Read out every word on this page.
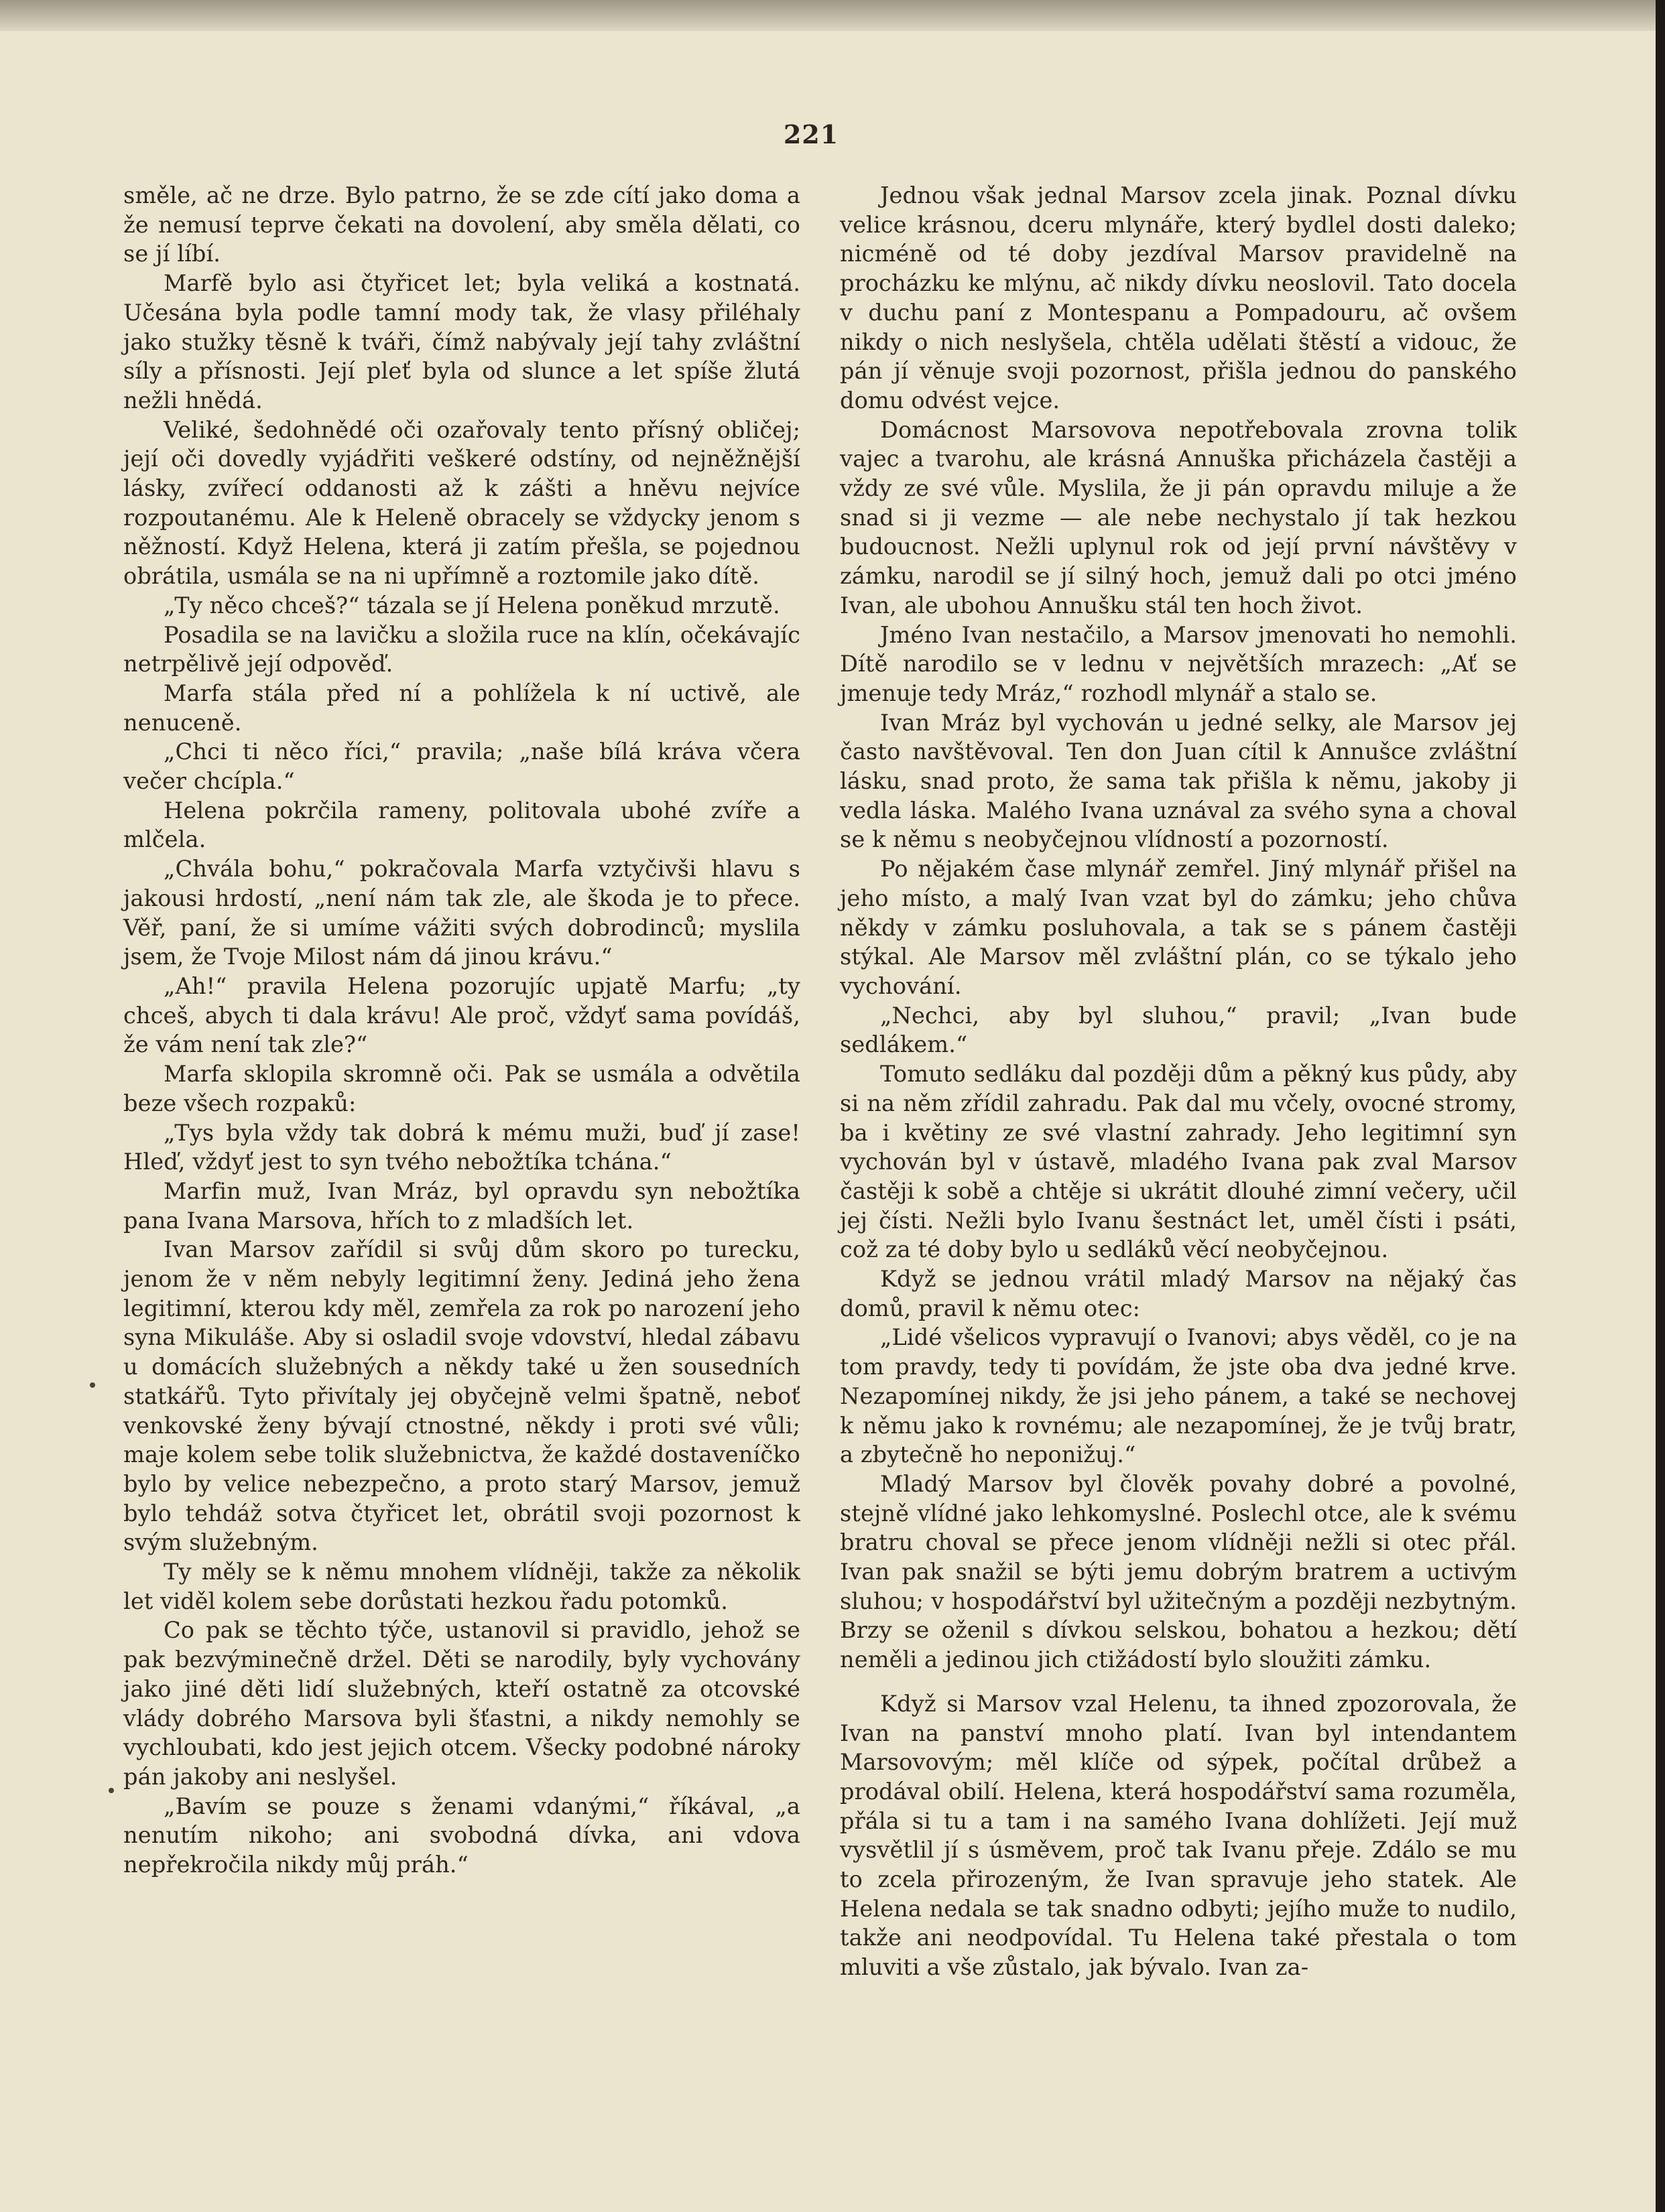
221

směle, ač ne drze. Bylo patrno, že se zde cítí jako doma a že nemusí teprve čekati na dovolení, aby směla dělati, co se jí líbí.

Marfě bylo asi čtyřicet let; byla veliká a kostnatá. Učesána byla podle tamní mody tak, že vlasy přiléhaly jako stužky těsně k tváři, čímž nabývaly její tahy zvláštní síly a přísnosti. Její pleť byla od slunce a let spíše žlutá nežli hnědá.

Veliké, šedohnědé oči ozařovaly tento přísný obličej; její oči dovedly vyjádřiti veškeré odstíny, od nejněžnější lásky, zvířecí oddanosti až k zášti a hněvu nejvíce rozpoutanému. Ale k Heleně obracely se vždycky jenom s něžností. Když Helena, která ji zatím přešla, se pojednou obrátila, usmála se na ni upřímně a roztomile jako dítě.

„Ty něco chceš?“ tázala se jí Helena poněkud mrzutě.

Posadila se na lavičku a složila ruce na klín, očekávajíc netrpělivě její odpověď.

Marfa stála před ní a pohlížela k ní uctivě, ale nenuceně.

„Chci ti něco říci,“ pravila; „naše bílá kráva včera večer chcípla.“

Helena pokrčila rameny, politovala ubohé zvíře a mlčela.

„Chvála bohu,“ pokračovala Marfa vztyčivši hlavu s jakousi hrdostí, „není nám tak zle, ale škoda je to přece. Věř, paní, že si umíme vážiti svých dobrodinců; myslila jsem, že Tvoje Milost nám dá jinou krávu.“

„Ah!“ pravila Helena pozorujíc upjatě Marfu; „ty chceš, abych ti dala krávu! Ale proč, vždyť sama povídáš, že vám není tak zle?“

Marfa sklopila skromně oči. Pak se usmála a odvětila beze všech rozpaků:

„Tys byla vždy tak dobrá k mému muži, buď jí zase! Hleď, vždyť jest to syn tvého nebožtíka tchána.“

Marfin muž, Ivan Mráz, byl opravdu syn nebožtíka pana Ivana Marsova, hřích to z mladších let.

Ivan Marsov zařídil si svůj dům skoro po turecku, jenom že v něm nebyly legitimní ženy. Jediná jeho žena legitimní, kterou kdy měl, zemřela za rok po narození jeho syna Mikuláše. Aby si osladil svoje vdovství, hledal zábavu u domácích služebných a někdy také u žen sousedních statkářů. Tyto přivítaly jej obyčejně velmi špatně, neboť venkovské ženy bývají ctnostné, někdy i proti své vůli; maje kolem sebe tolik služebnictva, že každé dostaveníčko bylo by velice nebezpečno, a proto starý Marsov, jemuž bylo tehdáž sotva čtyřicet let, obrátil svoji pozornost k svým služebným.

Ty měly se k němu mnohem vlídněji, takže za několik let viděl kolem sebe dorůstati hezkou řadu potomků.

Co pak se těchto týče, ustanovil si pravidlo, jehož se pak bezvýminečně držel. Děti se narodily, byly vychovány jako jiné děti lidí služebných, kteří ostatně za otcovské vlády dobrého Marsova byli šťastni, a nikdy nemohly se vychloubati, kdo jest jejich otcem. Všecky podobné nároky pán jakoby ani neslyšel.

„Bavím se pouze s ženami vdanými,“ říkával, „a nenutím nikoho; ani svobodná dívka, ani vdova nepřekročila nikdy můj práh.“

Jednou však jednal Marsov zcela jinak. Poznal dívku velice krásnou, dceru mlynáře, který bydlel dosti daleko; nicméně od té doby jezdíval Marsov pravidelně na procházku ke mlýnu, ač nikdy dívku neoslovil. Tato docela v duchu paní z Montespanu a Pompadouru, ač ovšem nikdy o nich neslyšela, chtěla udělati štěstí a vidouc, že pán jí věnuje svoji pozornost, přišla jednou do panského domu odvést vejce.

Domácnost Marsovova nepotřebovala zrovna tolik vajec a tvarohu, ale krásná Annuška přicházela častěji a vždy ze své vůle. Myslila, že ji pán opravdu miluje a že snad si ji vezme — ale nebe nechystalo jí tak hezkou budoucnost. Nežli uplynul rok od její první návštěvy v zámku, narodil se jí silný hoch, jemuž dali po otci jméno Ivan, ale ubohou Annušku stál ten hoch život.

Jméno Ivan nestačilo, a Marsov jmenovati ho nemohli. Dítě narodilo se v lednu v největších mrazech: „Ať se jmenuje tedy Mráz,“ rozhodl mlynář a stalo se.

Ivan Mráz byl vychován u jedné selky, ale Marsov jej často navštěvoval. Ten don Juan cítil k Annušce zvláštní lásku, snad proto, že sama tak přišla k němu, jakoby ji vedla láska. Malého Ivana uznával za svého syna a choval se k němu s neobyčejnou vlídností a pozorností.

Po nějakém čase mlynář zemřel. Jiný mlynář přišel na jeho místo, a malý Ivan vzat byl do zámku; jeho chůva někdy v zámku posluhovala, a tak se s pánem častěji stýkal. Ale Marsov měl zvláštní plán, co se týkalo jeho vychování.

„Nechci, aby byl sluhou,“ pravil; „Ivan bude sedlákem.“

Tomuto sedláku dal později dům a pěkný kus půdy, aby si na něm zřídil zahradu. Pak dal mu včely, ovocné stromy, ba i květiny ze své vlastní zahrady. Jeho legitimní syn vychován byl v ústavě, mladého Ivana pak zval Marsov častěji k sobě a chtěje si ukrátit dlouhé zimní večery, učil jej čísti. Nežli bylo Ivanu šestnáct let, uměl čísti i psáti, což za té doby bylo u sedláků věcí neobyčejnou.

Když se jednou vrátil mladý Marsov na nějaký čas domů, pravil k němu otec:

„Lidé všelicos vypravují o Ivanovi; abys věděl, co je na tom pravdy, tedy ti povídám, že jste oba dva jedné krve. Nezapomínej nikdy, že jsi jeho pánem, a také se nechovej k němu jako k rovnému; ale nezapomínej, že je tvůj bratr, a zbytečně ho neponižuj.“

Mladý Marsov byl člověk povahy dobré a povolné, stejně vlídné jako lehkomyslné. Poslechl otce, ale k svému bratru choval se přece jenom vlídněji nežli si otec přál. Ivan pak snažil se býti jemu dobrým bratrem a uctivým sluhou; v hospodářství byl užitečným a později nezbytným. Brzy se oženil s dívkou selskou, bohatou a hezkou; dětí neměli a jedinou jich ctižádostí bylo sloužiti zámku.

Když si Marsov vzal Helenu, ta ihned zpozorovala, že Ivan na panství mnoho platí. Ivan byl intendantem Marsovovým; měl klíče od sýpek, počítal drůbež a prodával obilí. Helena, která hospodářství sama rozuměla, přála si tu a tam i na samého Ivana dohlížeti. Její muž vysvětlil jí s úsměvem, proč tak Ivanu přeje. Zdálo se mu to zcela přirozeným, že Ivan spravuje jeho statek. Ale Helena nedala se tak snadno odbyti; jejího muže to nudilo, takže ani neodpovídal. Tu Helena také přestala o tom mluviti a vše zůstalo, jak bývalo. Ivan za-
